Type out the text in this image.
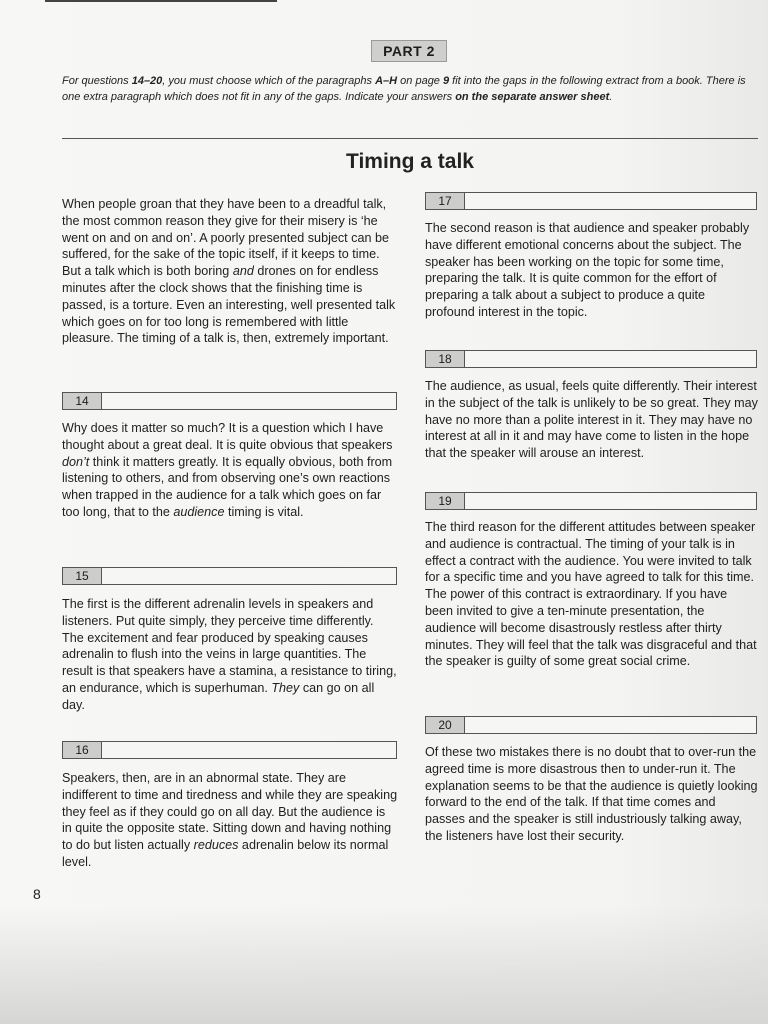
PART 2
For questions 14–20, you must choose which of the paragraphs A–H on page 9 fit into the gaps in the following extract from a book. There is one extra paragraph which does not fit in any of the gaps. Indicate your answers on the separate answer sheet.
Timing a talk

When people groan that they have been to a dreadful talk, the most common reason they give for their misery is ‘he went on and on and on’. A poorly presented subject can be suffered, for the sake of the topic itself, if it keeps to time. But a talk which is both boring and drones on for endless minutes after the clock shows that the finishing time is passed, is a torture. Even an interesting, well presented talk which goes on for too long is remembered with little pleasure. The timing of a talk is, then, extremely important.

14

Why does it matter so much? It is a question which I have thought about a great deal. It is quite obvious that speakers don’t think it matters greatly. It is equally obvious, both from listening to others, and from observing one’s own reactions when trapped in the audience for a talk which goes on far too long, that to the audience timing is vital.

15

The first is the different adrenalin levels in speakers and listeners. Put quite simply, they perceive time differently. The excitement and fear produced by speaking causes adrenalin to flush into the veins in large quantities. The result is that speakers have a stamina, a resistance to tiring, an endurance, which is superhuman. They can go on all day.

16

Speakers, then, are in an abnormal state. They are indifferent to time and tiredness and while they are speaking they feel as if they could go on all day. But the audience is in quite the opposite state. Sitting down and having nothing to do but listen actually reduces adrenalin below its normal level.

17

The second reason is that audience and speaker probably have different emotional concerns about the subject. The speaker has been working on the topic for some time, preparing the talk. It is quite common for the effort of preparing a talk about a subject to produce a quite profound interest in the topic.

18

The audience, as usual, feels quite differently. Their interest in the subject of the talk is unlikely to be so great. They may have no more than a polite interest in it. They may have no interest at all in it and may have come to listen in the hope that the speaker will arouse an interest.

19

The third reason for the different attitudes between speaker and audience is contractual. The timing of your talk is in effect a contract with the audience. You were invited to talk for a specific time and you have agreed to talk for this time. The power of this contract is extraordinary. If you have been invited to give a ten-minute presentation, the audience will become disastrously restless after thirty minutes. They will feel that the talk was disgraceful and that the speaker is guilty of some great social crime.

20

Of these two mistakes there is no doubt that to over-run the agreed time is more disastrous then to under-run it. The explanation seems to be that the audience is quietly looking forward to the end of the talk. If that time comes and passes and the speaker is still industriously talking away, the listeners have lost their security.

8
